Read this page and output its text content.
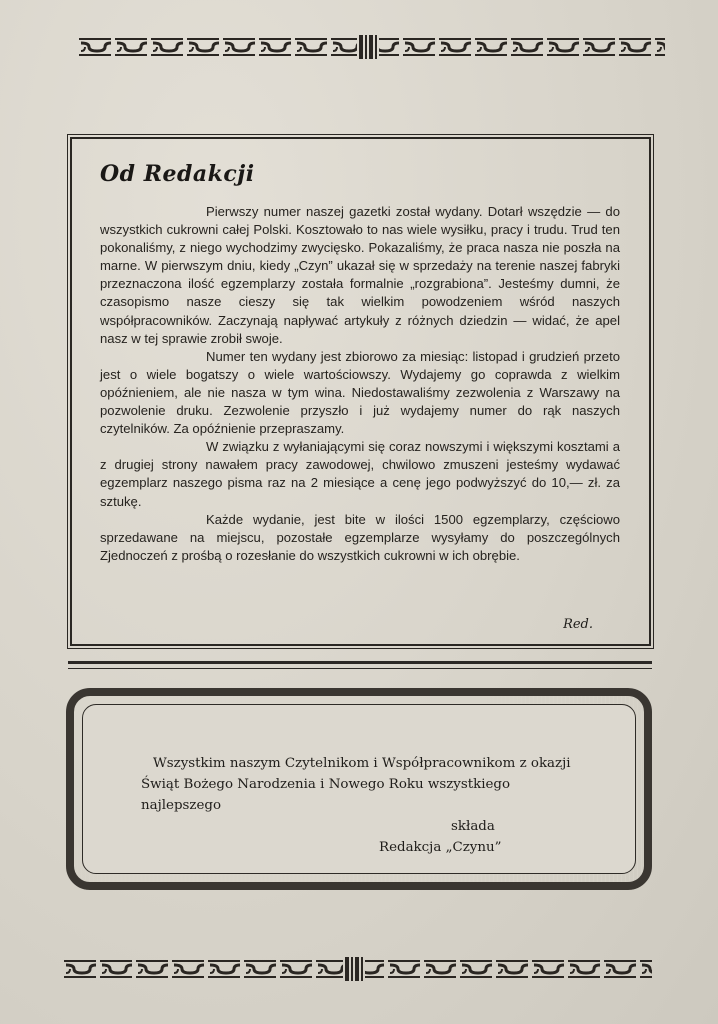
Od Redakcji

Pierwszy numer naszej gazetki został wydany. Dotarł wszędzie — do wszystkich cukrowni całej Polski. Kosztowało to nas wiele wysiłku, pracy i trudu. Trud ten pokonaliśmy, z niego wychodzimy zwycięsko. Pokazaliśmy, że praca nasza nie poszła na marne. W pierwszym dniu, kiedy „Czyn” ukazał się w sprzedaży na terenie naszej fabryki przeznaczona ilość egzemplarzy została formalnie „rozgrabiona”. Jesteśmy dumni, że czasopismo nasze cieszy się tak wielkim powodzeniem wśród naszych współpracowników. Zaczynają napływać artykuły z różnych dziedzin — widać, że apel nasz w tej sprawie zrobił swoje.

Numer ten wydany jest zbiorowo za miesiąc: listopad i grudzień przeto jest o wiele bogatszy o wiele wartościowszy. Wydajemy go coprawda z wielkim opóźnieniem, ale nie nasza w tym wina. Niedostawaliśmy zezwolenia z Warszawy na pozwolenie druku. Zezwolenie przyszło i już wydajemy numer do rąk naszych czytelników. Za opóźnienie przepraszamy.

W związku z wyłaniającymi się coraz nowszymi i większymi kosztami a z drugiej strony nawałem pracy zawodowej, chwilowo zmuszeni jesteśmy wydawać egzemplarz naszego pisma raz na 2 miesiące a cenę jego podwyższyć do 10,— zł. za sztukę.

Każde wydanie, jest bite w ilości 1500 egzemplarzy, częściowo sprzedawane na miejscu, pozostałe egzemplarze wysyłamy do poszczególnych Zjednoczeń z prośbą o rozesłanie do wszystkich cukrowni w ich obrębie.

Red.
Wszystkim naszym Czytelnikom i Współpracownikom z okazji
Świąt Bożego Narodzenia i Nowego Roku wszystkiego najlepszego
składa
Redakcja „Czynu”
